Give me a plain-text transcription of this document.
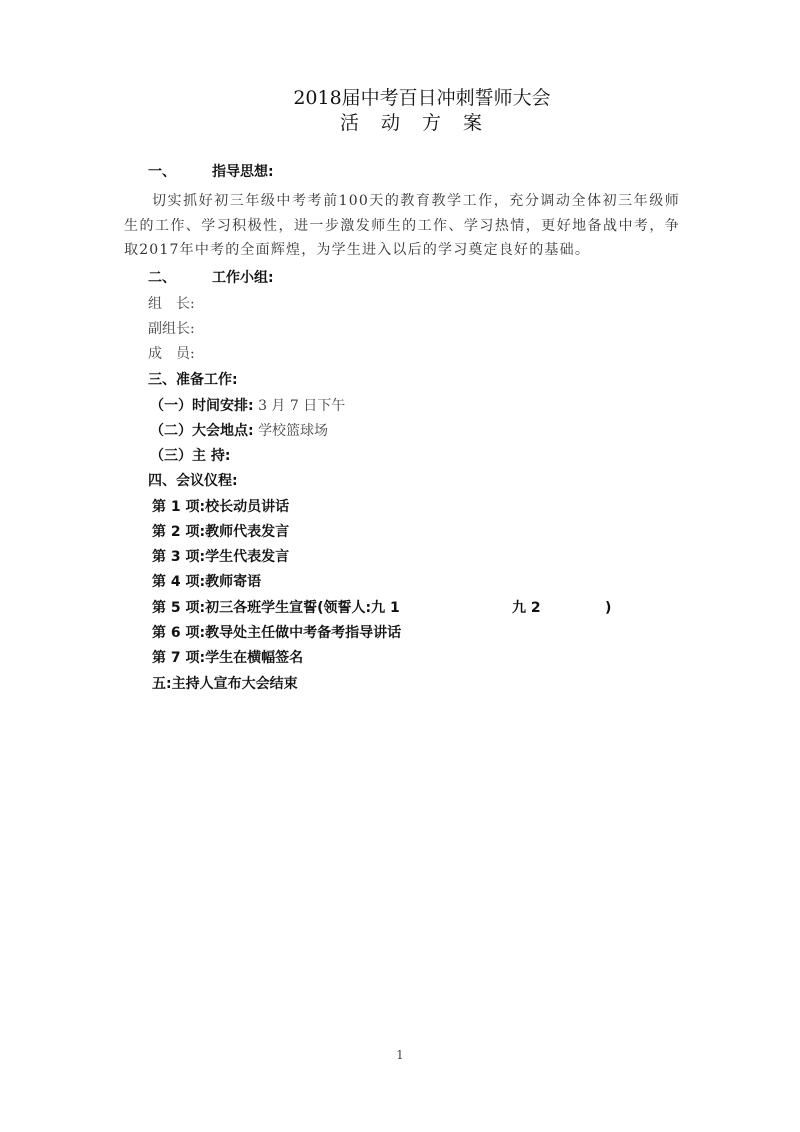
2018届中考百日冲刺誓师大会
活动方案
一、	指导思想:
切实抓好初三年级中考考前100天的教育教学工作，充分调动全体初三年级师生的工作、学习积极性，进一步激发师生的工作、学习热情，更好地备战中考，争取2017年中考的全面辉煌，为学生进入以后的学习奠定良好的基础。
二、	工作小组:
组　长:
副组长:
成　员:
三、准备工作:
（一）时间安排: 3 月 7 日下午
（二）大会地点: 学校篮球场
（三）主 持:
四、会议仪程:
第 1 项:校长动员讲话
第 2 项:教师代表发言
第 3 项:学生代表发言
第 4 项:教师寄语
第 5 项:初三各班学生宣誓(领誓人:九 1	九 2	)
第 6 项:教导处主任做中考备考指导讲话
第 7 项:学生在横幅签名
五:主持人宣布大会结束
1
